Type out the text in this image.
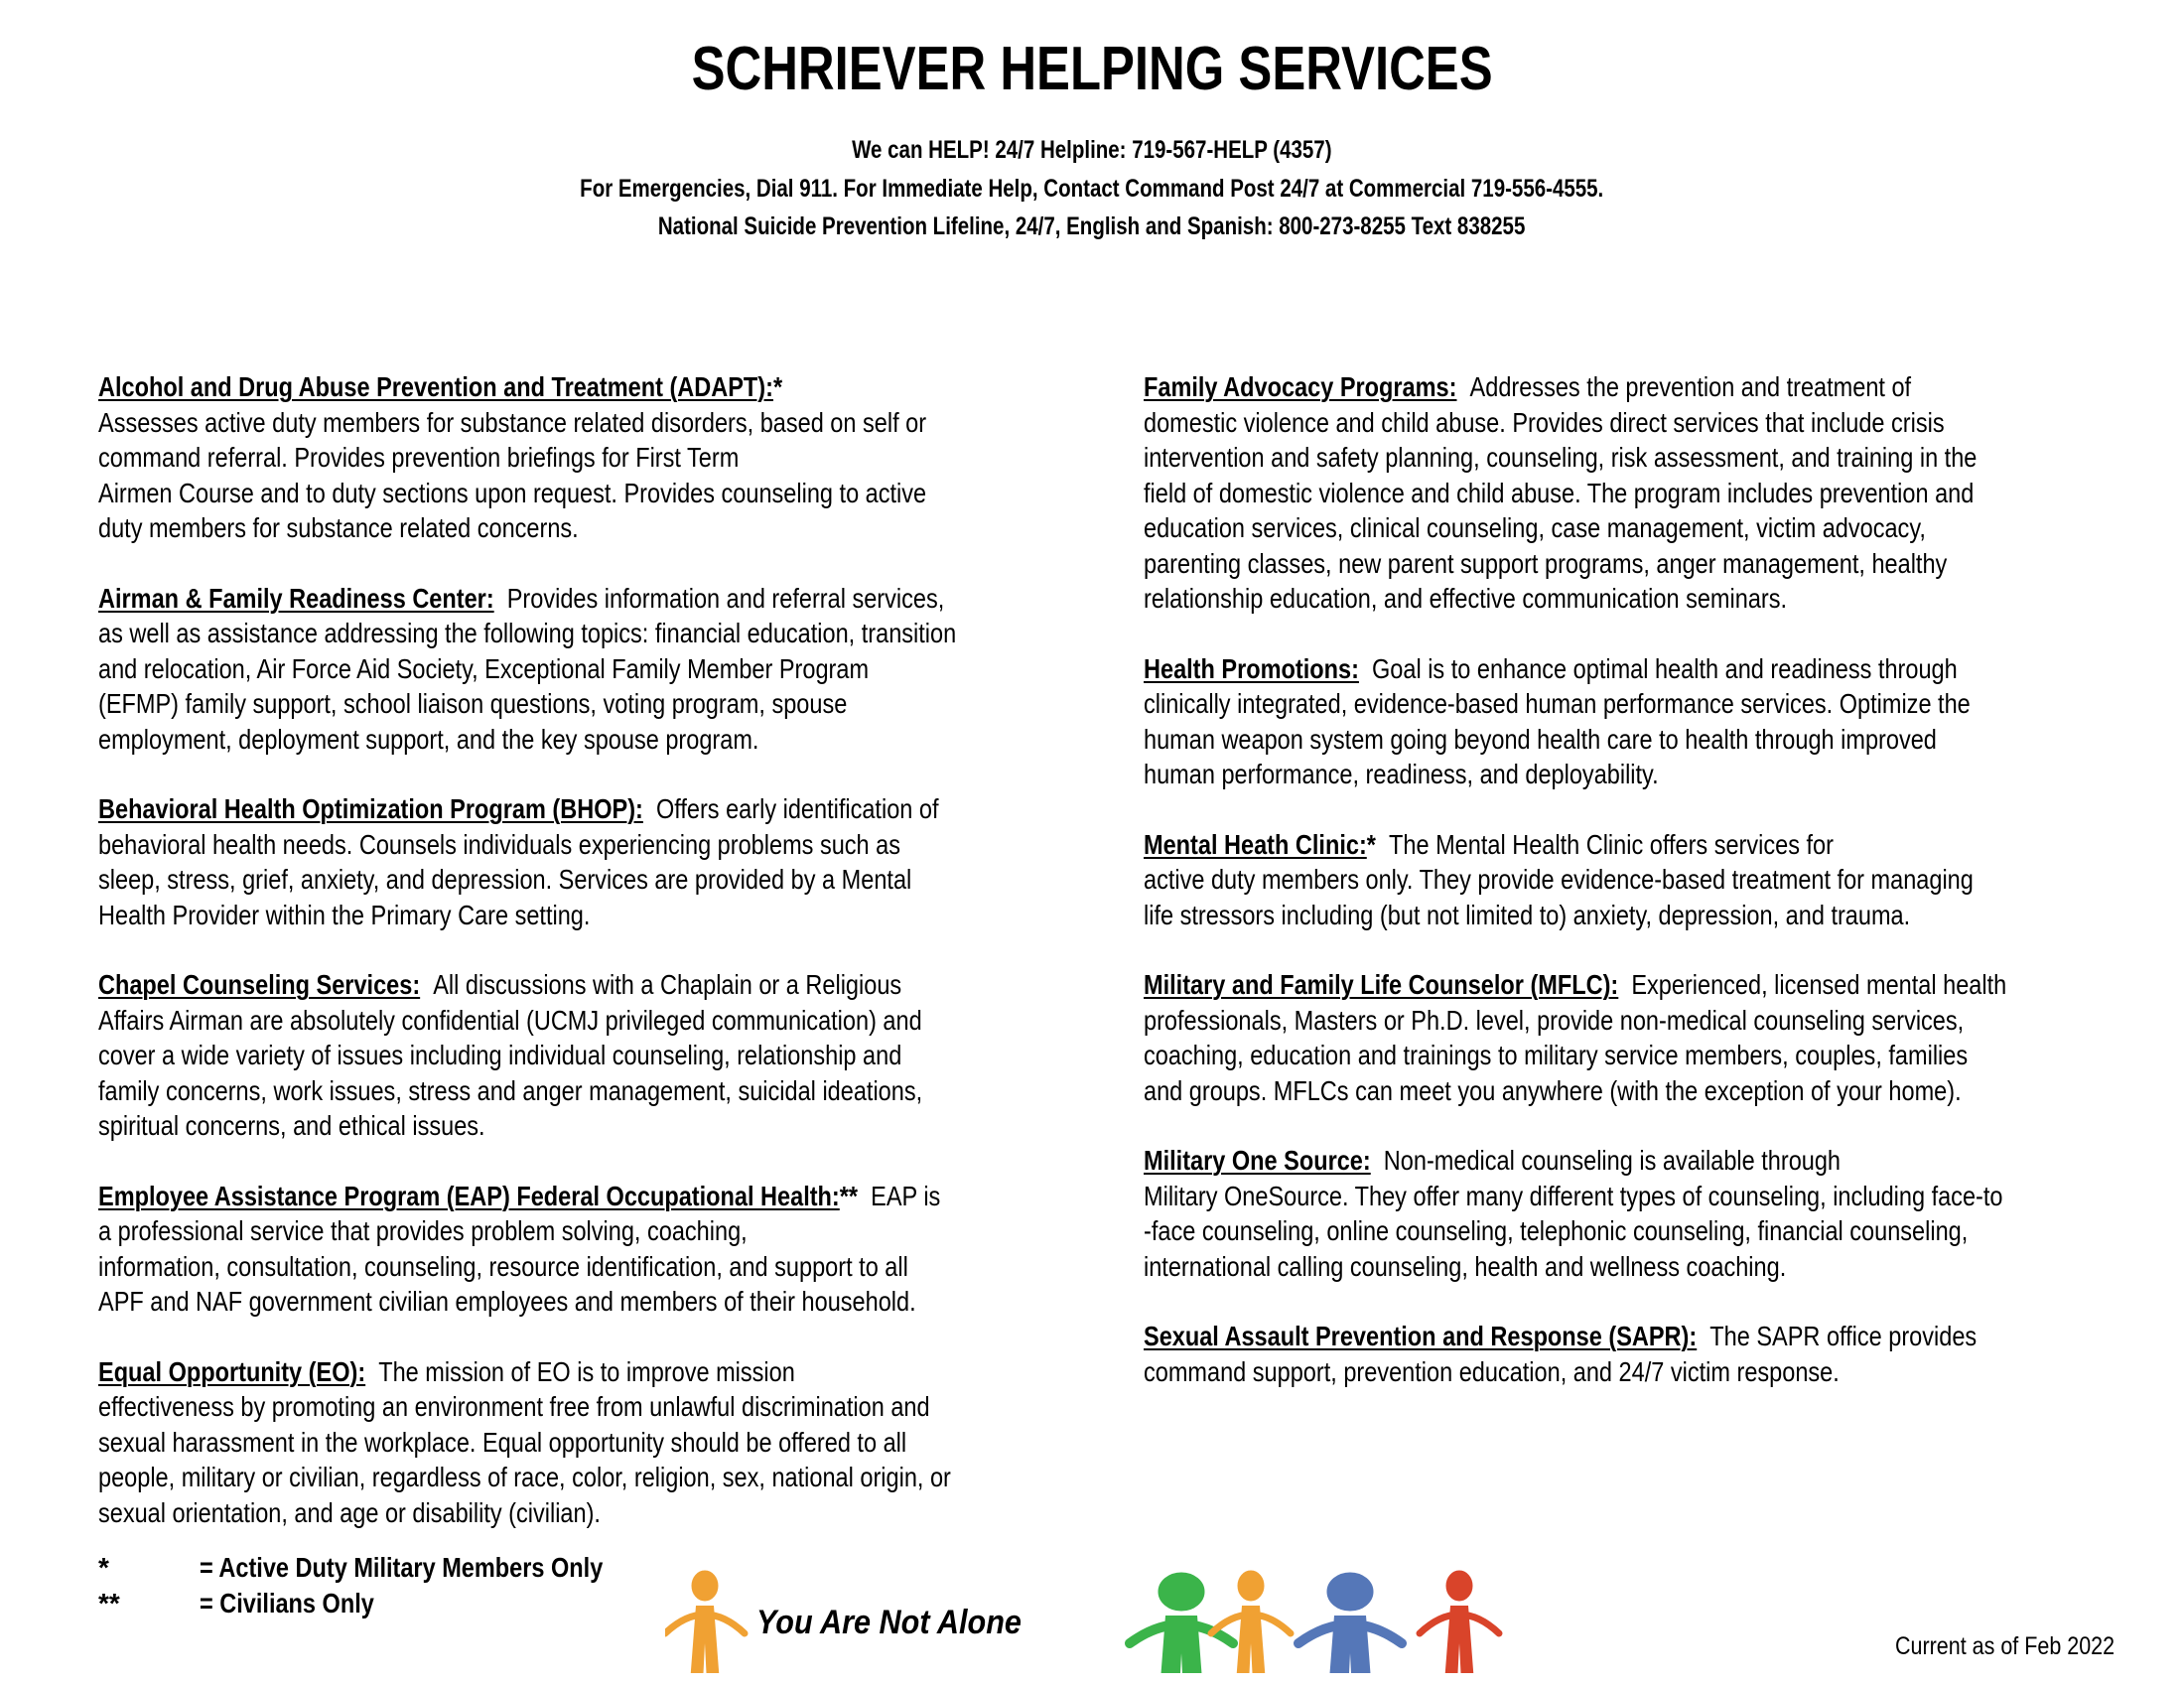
SCHRIEVER HELPING SERVICES
We can HELP! 24/7 Helpline: 719-567-HELP (4357)
For Emergencies, Dial 911. For Immediate Help, Contact Command Post 24/7 at Commercial 719-556-4555.
National Suicide Prevention Lifeline, 24/7, English and Spanish: 800-273-8255 Text 838255
Alcohol and Drug Abuse Prevention and Treatment (ADAPT):*
Assesses active duty members for substance related disorders, based on self or
command referral. Provides prevention briefings for First Term
Airmen Course and to duty sections upon request. Provides counseling to active
duty members for substance related concerns.
Airman & Family Readiness Center: Provides information and referral services,
as well as assistance addressing the following topics: financial education, transition
and relocation, Air Force Aid Society, Exceptional Family Member Program
(EFMP) family support, school liaison questions, voting program, spouse
employment, deployment support, and the key spouse program.
Behavioral Health Optimization Program (BHOP): Offers early identification of
behavioral health needs. Counsels individuals experiencing problems such as
sleep, stress, grief, anxiety, and depression. Services are provided by a Mental
Health Provider within the Primary Care setting.
Chapel Counseling Services: All discussions with a Chaplain or a Religious
Affairs Airman are absolutely confidential (UCMJ privileged communication) and
cover a wide variety of issues including individual counseling, relationship and
family concerns, work issues, stress and anger management, suicidal ideations,
spiritual concerns, and ethical issues.
Employee Assistance Program (EAP) Federal Occupational Health:** EAP is
a professional service that provides problem solving, coaching,
information, consultation, counseling, resource identification, and support to all
APF and NAF government civilian employees and members of their household.
Equal Opportunity (EO): The mission of EO is to improve mission
effectiveness by promoting an environment free from unlawful discrimination and
sexual harassment in the workplace. Equal opportunity should be offered to all
people, military or civilian, regardless of race, color, religion, sex, national origin, or
sexual orientation, and age or disability (civilian).
Family Advocacy Programs: Addresses the prevention and treatment of
domestic violence and child abuse. Provides direct services that include crisis
intervention and safety planning, counseling, risk assessment, and training in the
field of domestic violence and child abuse. The program includes prevention and
education services, clinical counseling, case management, victim advocacy,
parenting classes, new parent support programs, anger management, healthy
relationship education, and effective communication seminars.
Health Promotions: Goal is to enhance optimal health and readiness through
clinically integrated, evidence-based human performance services. Optimize the
human weapon system going beyond health care to health through improved
human performance, readiness, and deployability.
Mental Heath Clinic:* The Mental Health Clinic offers services for
active duty members only. They provide evidence-based treatment for managing
life stressors including (but not limited to) anxiety, depression, and trauma.
Military and Family Life Counselor (MFLC): Experienced, licensed mental health
professionals, Masters or Ph.D. level, provide non-medical counseling services,
coaching, education and trainings to military service members, couples, families
and groups. MFLCs can meet you anywhere (with the exception of your home).
Military One Source: Non-medical counseling is available through
Military OneSource. They offer many different types of counseling, including face-to
-face counseling, online counseling, telephonic counseling, financial counseling,
international calling counseling, health and wellness coaching.
Sexual Assault Prevention and Response (SAPR): The SAPR office provides
command support, prevention education, and 24/7 victim response.
*	= Active Duty Military Members Only
**	= Civilians Only
You Are Not Alone
Current as of Feb 2022
